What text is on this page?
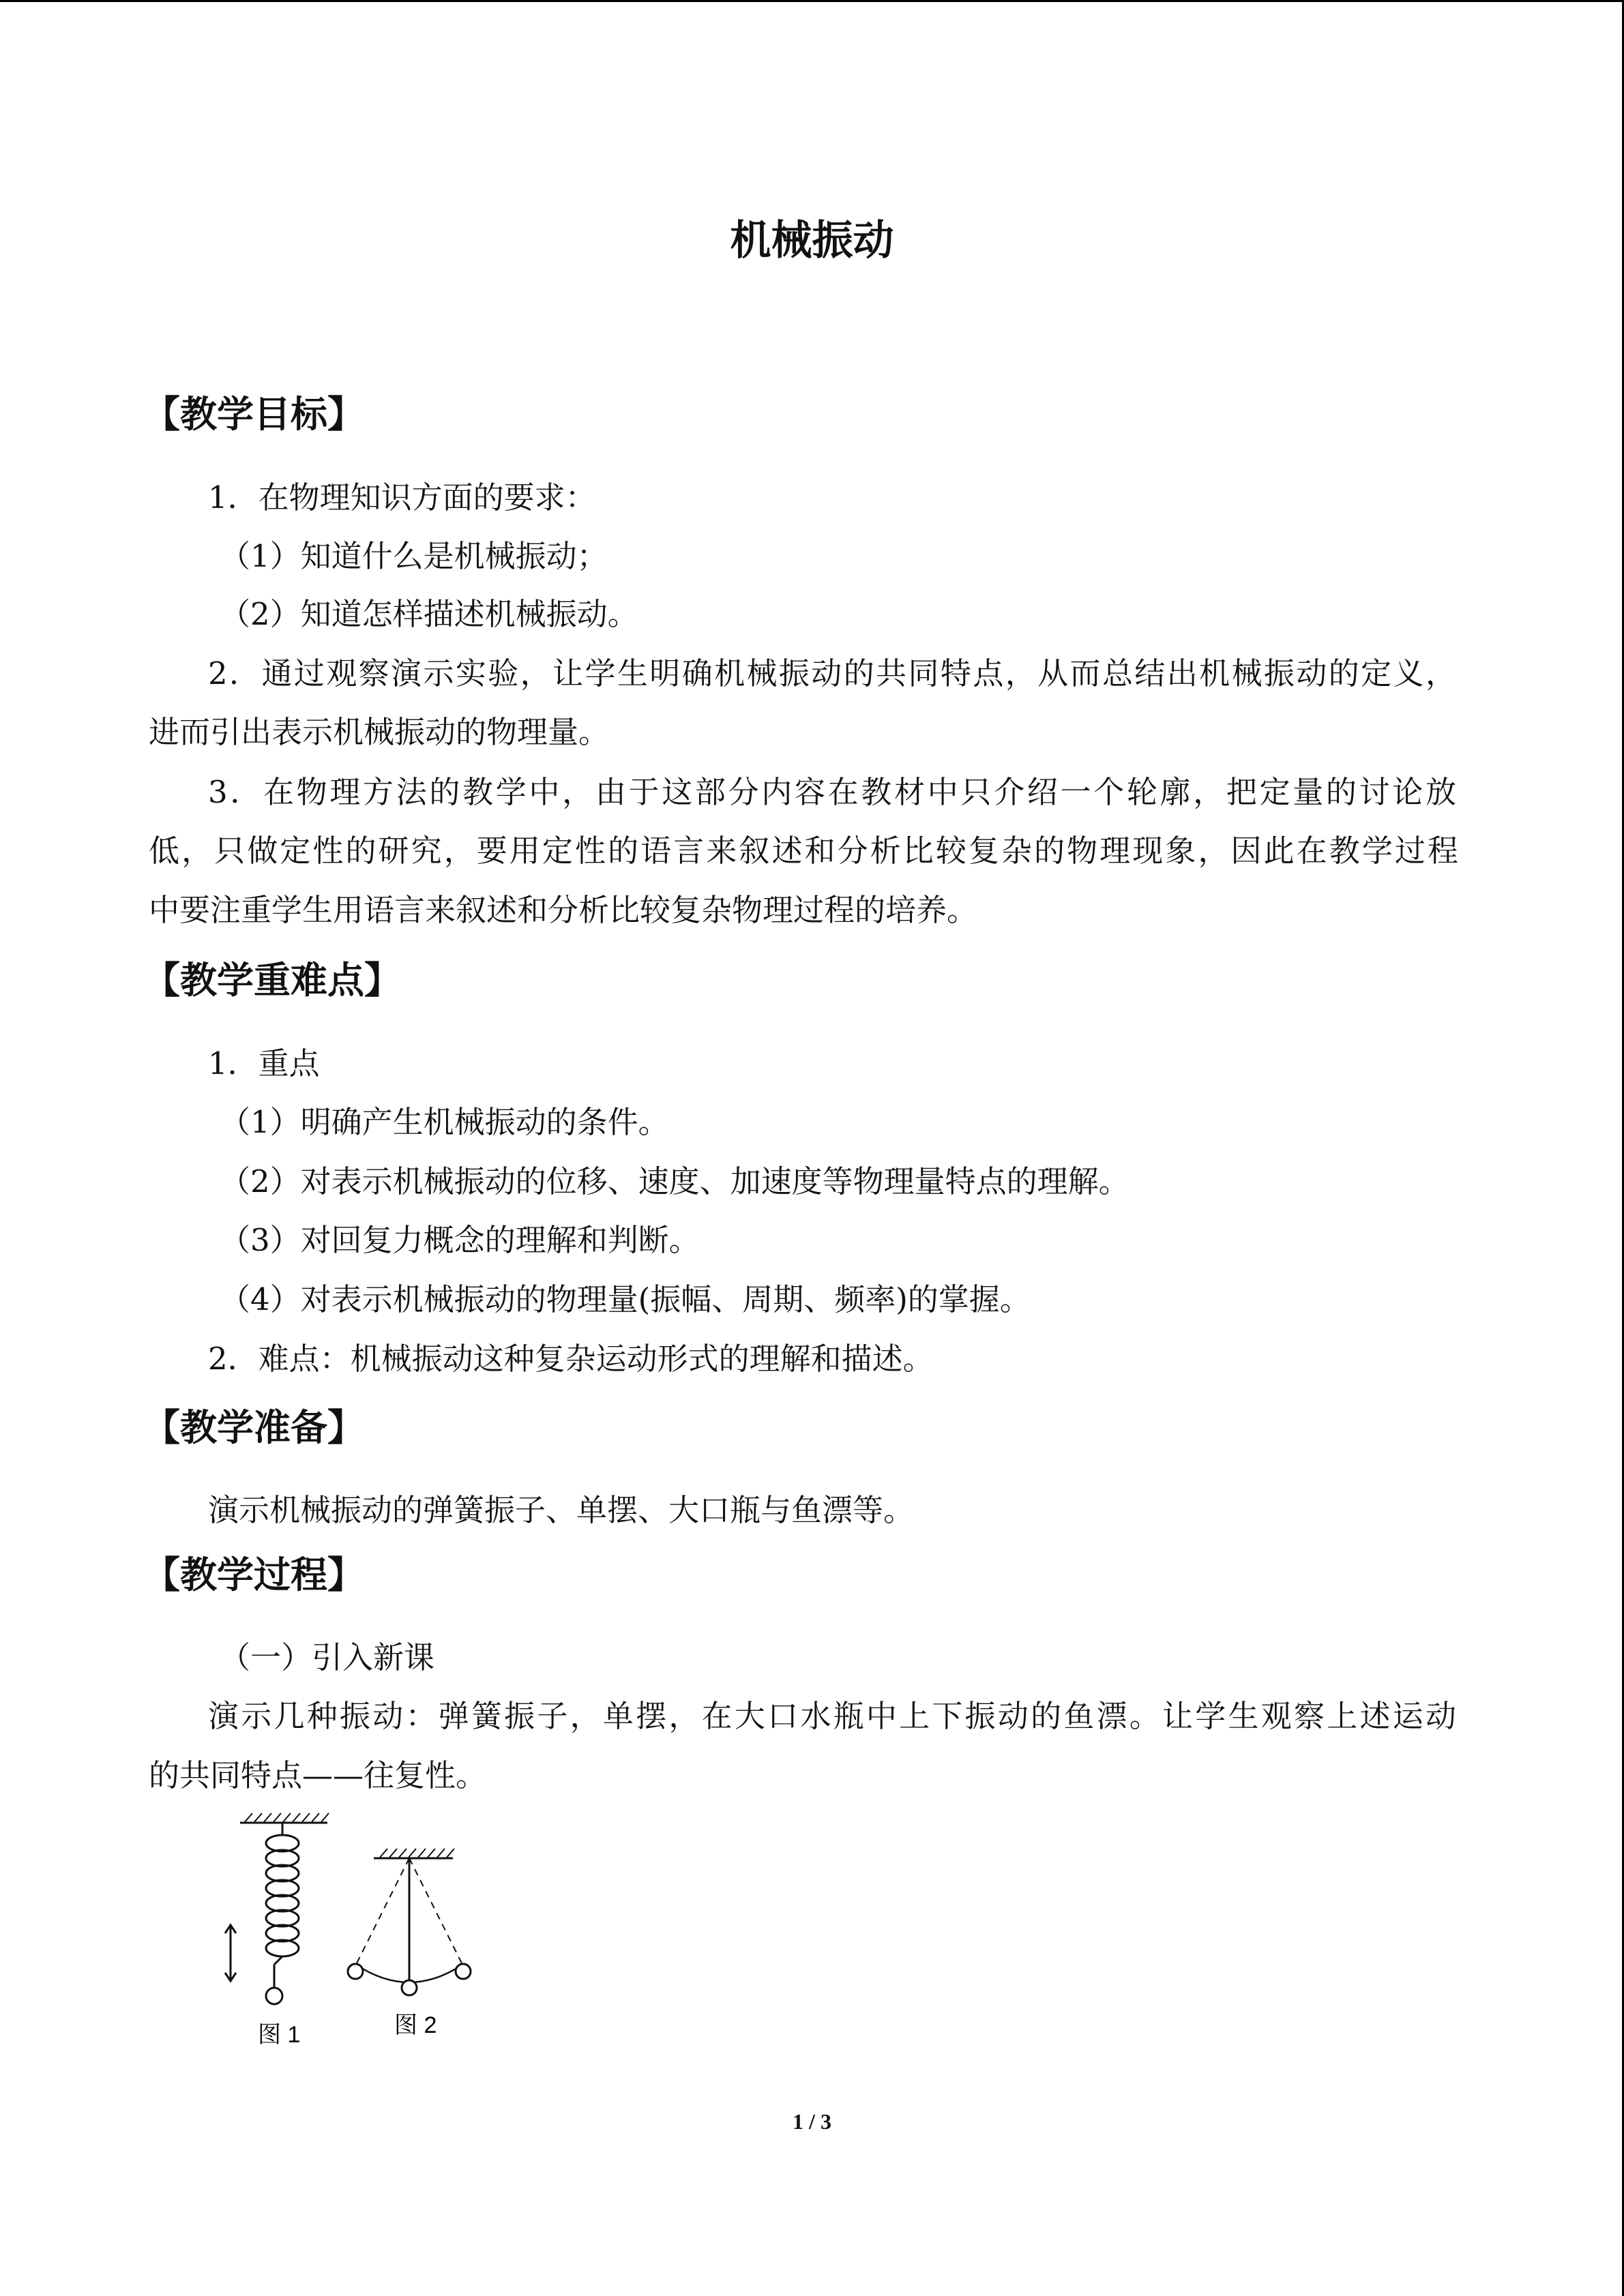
机械振动
【教学目标】
1．在物理知识方面的要求：
（1）知道什么是机械振动；
（2）知道怎样描述机械振动。
2．通过观察演示实验，让学生明确机械振动的共同特点，从而总结出机械振动的定义，
进而引出表示机械振动的物理量。
3．在物理方法的教学中，由于这部分内容在教材中只介绍一个轮廓，把定量的讨论放
低，只做定性的研究，要用定性的语言来叙述和分析比较复杂的物理现象，因此在教学过程
中要注重学生用语言来叙述和分析比较复杂物理过程的培养。
【教学重难点】
1．重点
（1）明确产生机械振动的条件。
（2）对表示机械振动的位移、速度、加速度等物理量特点的理解。
（3）对回复力概念的理解和判断。
（4）对表示机械振动的物理量(振幅、周期、频率)的掌握。
2．难点：机械振动这种复杂运动形式的理解和描述。
【教学准备】
演示机械振动的弹簧振子、单摆、大口瓶与鱼漂等。
【教学过程】
（一）引入新课
演示几种振动：弹簧振子，单摆，在大口水瓶中上下振动的鱼漂。让学生观察上述运动
的共同特点——往复性。
图 1	图 2
1 / 3
